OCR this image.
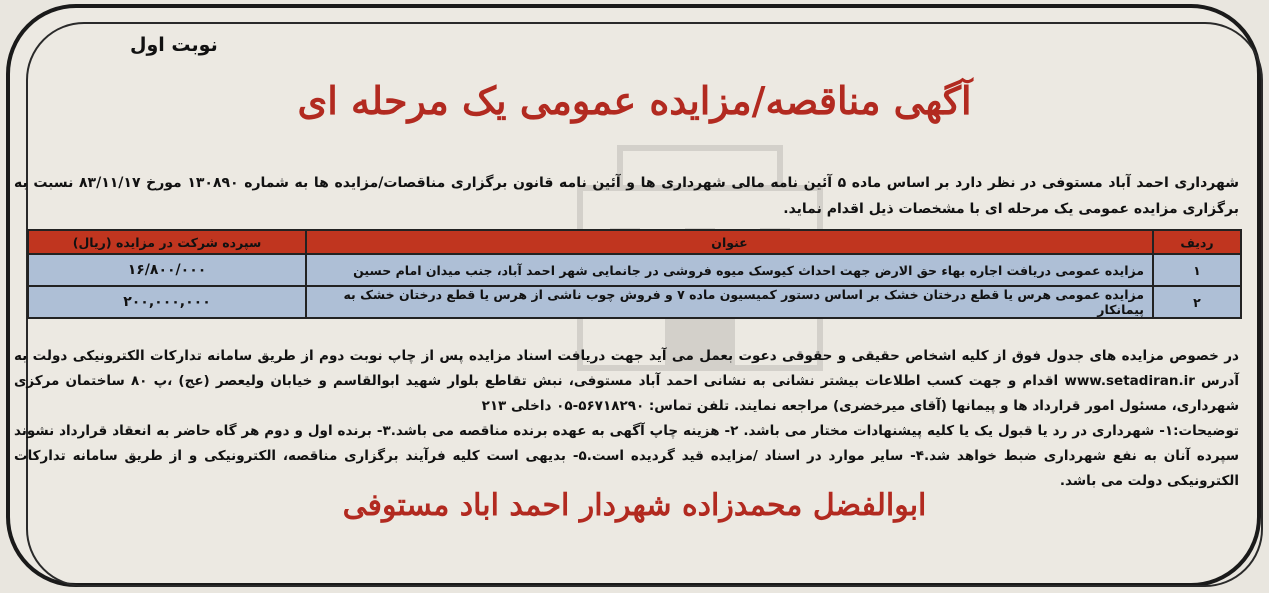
نوبت اول
آگهی مناقصه/مزایده عمومی یک مرحله ای
شهرداری احمد آباد مستوفی در نظر دارد بر اساس ماده ۵ آئین نامه مالی شهرداری ها و آئین نامه قانون برگزاری مناقصات/مزایده ها به شماره ۱۳۰۸۹۰ مورخ ۸۳/۱۱/۱۷ نسبت به برگزاری مزایده عمومی یک مرحله ای با مشخصات ذیل اقدام نماید.
ردیف	عنوان	سپرده شرکت در مزایده (ریال)
۱	مزایده عمومی دریافت اجاره بهاء حق الارض جهت احداث کیوسک میوه فروشی در جانمایی شهر احمد آباد، جنب میدان امام حسین	۱۶/۸۰۰/۰۰۰
۲	مزایده عمومی هرس یا قطع درختان خشک بر اساس دستور کمیسیون ماده ۷ و فروش چوب ناشی از هرس یا قطع درختان خشک به پیمانکار	۲۰۰,۰۰۰,۰۰۰

در خصوص مزایده های جدول فوق از کلیه اشخاص حقیقی و حقوقی دعوت بعمل می آید جهت دریافت اسناد مزایده پس از چاپ نوبت دوم از طریق سامانه تدارکات الکترونیکی دولت به آدرس www.setadiran.ir اقدام و جهت کسب اطلاعات بیشتر نشانی به نشانی احمد آباد مستوفی، نبش تقاطع بلوار شهید ابوالقاسم و خیابان ولیعصر (عج) ،پ ۸۰ ساختمان مرکزی شهرداری، مسئول امور قرارداد ها و پیمانها (آقای میرخضری) مراجعه نمایند. تلفن تماس: ۵۶۷۱۸۲۹۰-۰۵ داخلی ۲۱۳

توضیحات:۱- شهرداری در رد یا قبول یک یا کلیه پیشنهادات مختار می باشد. ۲- هزینه چاپ آگهی به عهده برنده مناقصه می باشد.۳- برنده اول و دوم هر گاه حاضر به انعقاد قرارداد نشوند سپرده آنان به نفع شهرداری ضبط خواهد شد.۴- سایر موارد در اسناد /مزایده قید گردیده است.۵- بدیهی است کلیه فرآیند برگزاری مناقصه، الکترونیکی و از طریق سامانه تدارکات الکترونیکی دولت می باشد.

ابوالفضل محمدزاده شهردار احمد اباد مستوفی
